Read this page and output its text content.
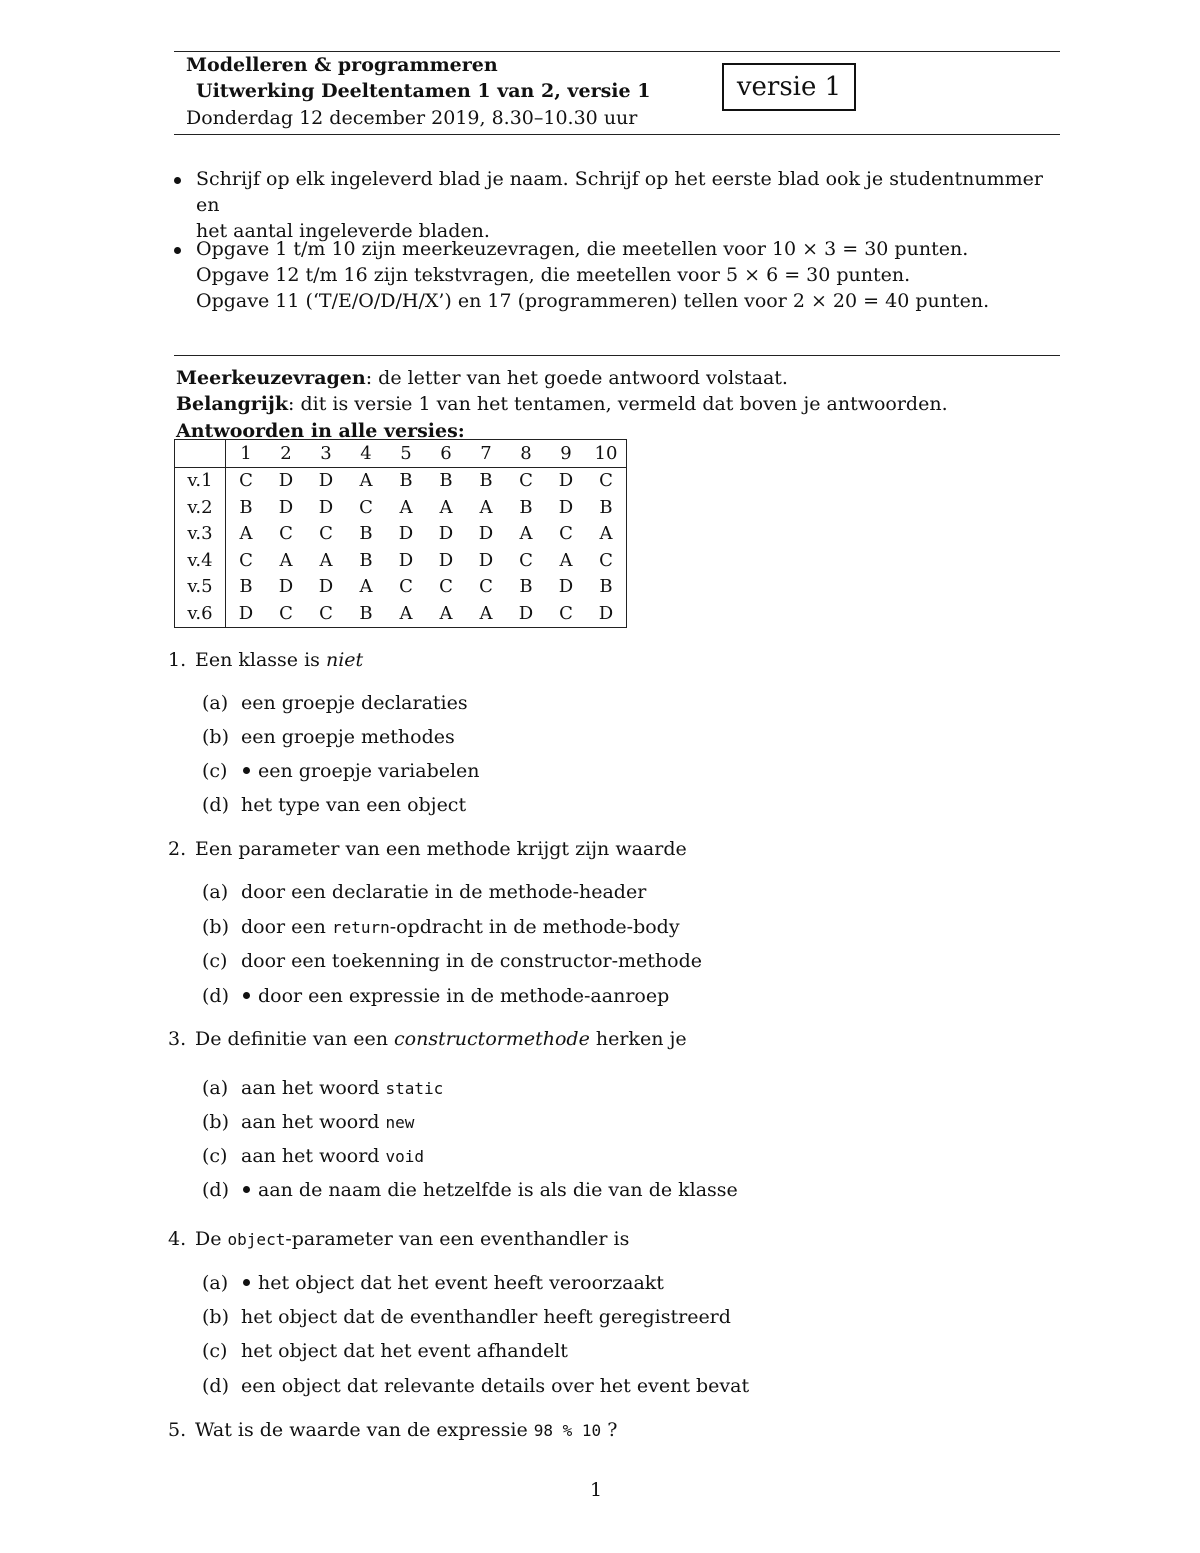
Modelleren & programmeren
Uitwerking Deeltentamen 1 van 2, versie 1
Donderdag 12 december 2019, 8.30–10.30 uur
versie 1
Schrijf op elk ingeleverd blad je naam. Schrijf op het eerste blad ook je studentnummer en
het aantal ingeleverde bladen.
Opgave 1 t/m 10 zijn meerkeuzevragen, die meetellen voor 10 × 3 = 30 punten.
Opgave 12 t/m 16 zijn tekstvragen, die meetellen voor 5 × 6 = 30 punten.
Opgave 11 (‘T/E/O/D/H/X’) en 17 (programmeren) tellen voor 2 × 20 = 40 punten.
Meerkeuzevragen: de letter van het goede antwoord volstaat.
Belangrijk: dit is versie 1 van het tentamen, vermeld dat boven je antwoorden.
Antwoorden in alle versies:
	1	2	3	4	5	6	7	8	9	10
v.1	C	D	D	A	B	B	B	C	D	C
v.2	B	D	D	C	A	A	A	B	D	B
v.3	A	C	C	B	D	D	D	A	C	A
v.4	C	A	A	B	D	D	D	C	A	C
v.5	B	D	D	A	C	C	C	B	D	B
v.6	D	C	C	B	A	A	A	D	C	D
1. Een klasse is niet
(a) een groepje declaraties
(b) een groepje methodes
(c) een groepje variabelen
(d) het type van een object
2. Een parameter van een methode krijgt zijn waarde
(a) door een declaratie in de methode-header
(b) door een return-opdracht in de methode-body
(c) door een toekenning in de constructor-methode
(d) door een expressie in de methode-aanroep
3. De definitie van een constructormethode herken je
(a) aan het woord static
(b) aan het woord new
(c) aan het woord void
(d) aan de naam die hetzelfde is als die van de klasse
4. De object-parameter van een eventhandler is
(a) het object dat het event heeft veroorzaakt
(b) het object dat de eventhandler heeft geregistreerd
(c) het object dat het event afhandelt
(d) een object dat relevante details over het event bevat
5. Wat is de waarde van de expressie 98 % 10 ?
1
